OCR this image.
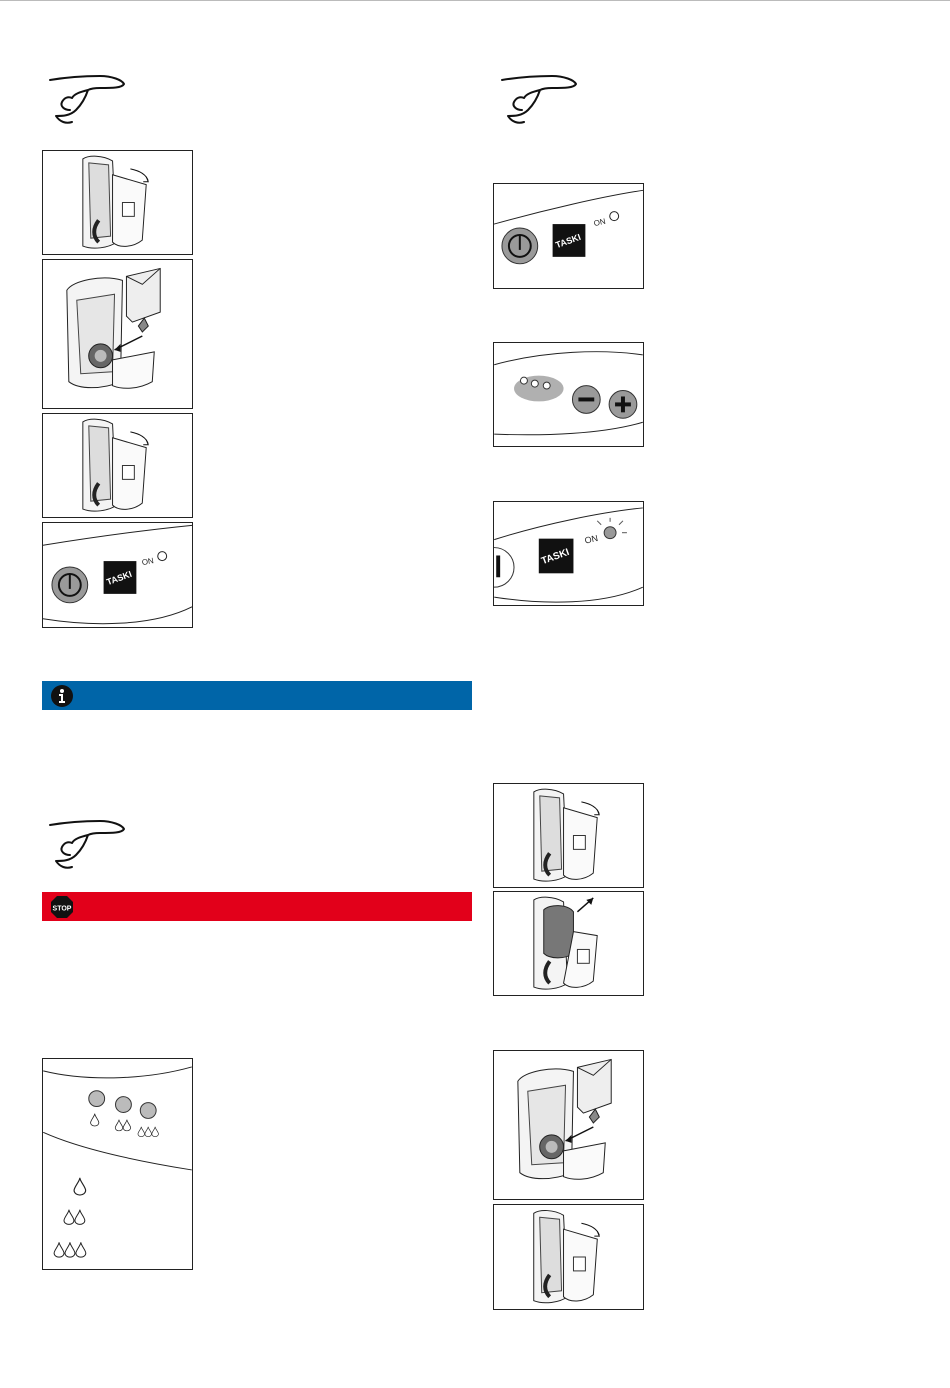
TASKI
ON
STOP
TASKI
ON
TASKI
ON
